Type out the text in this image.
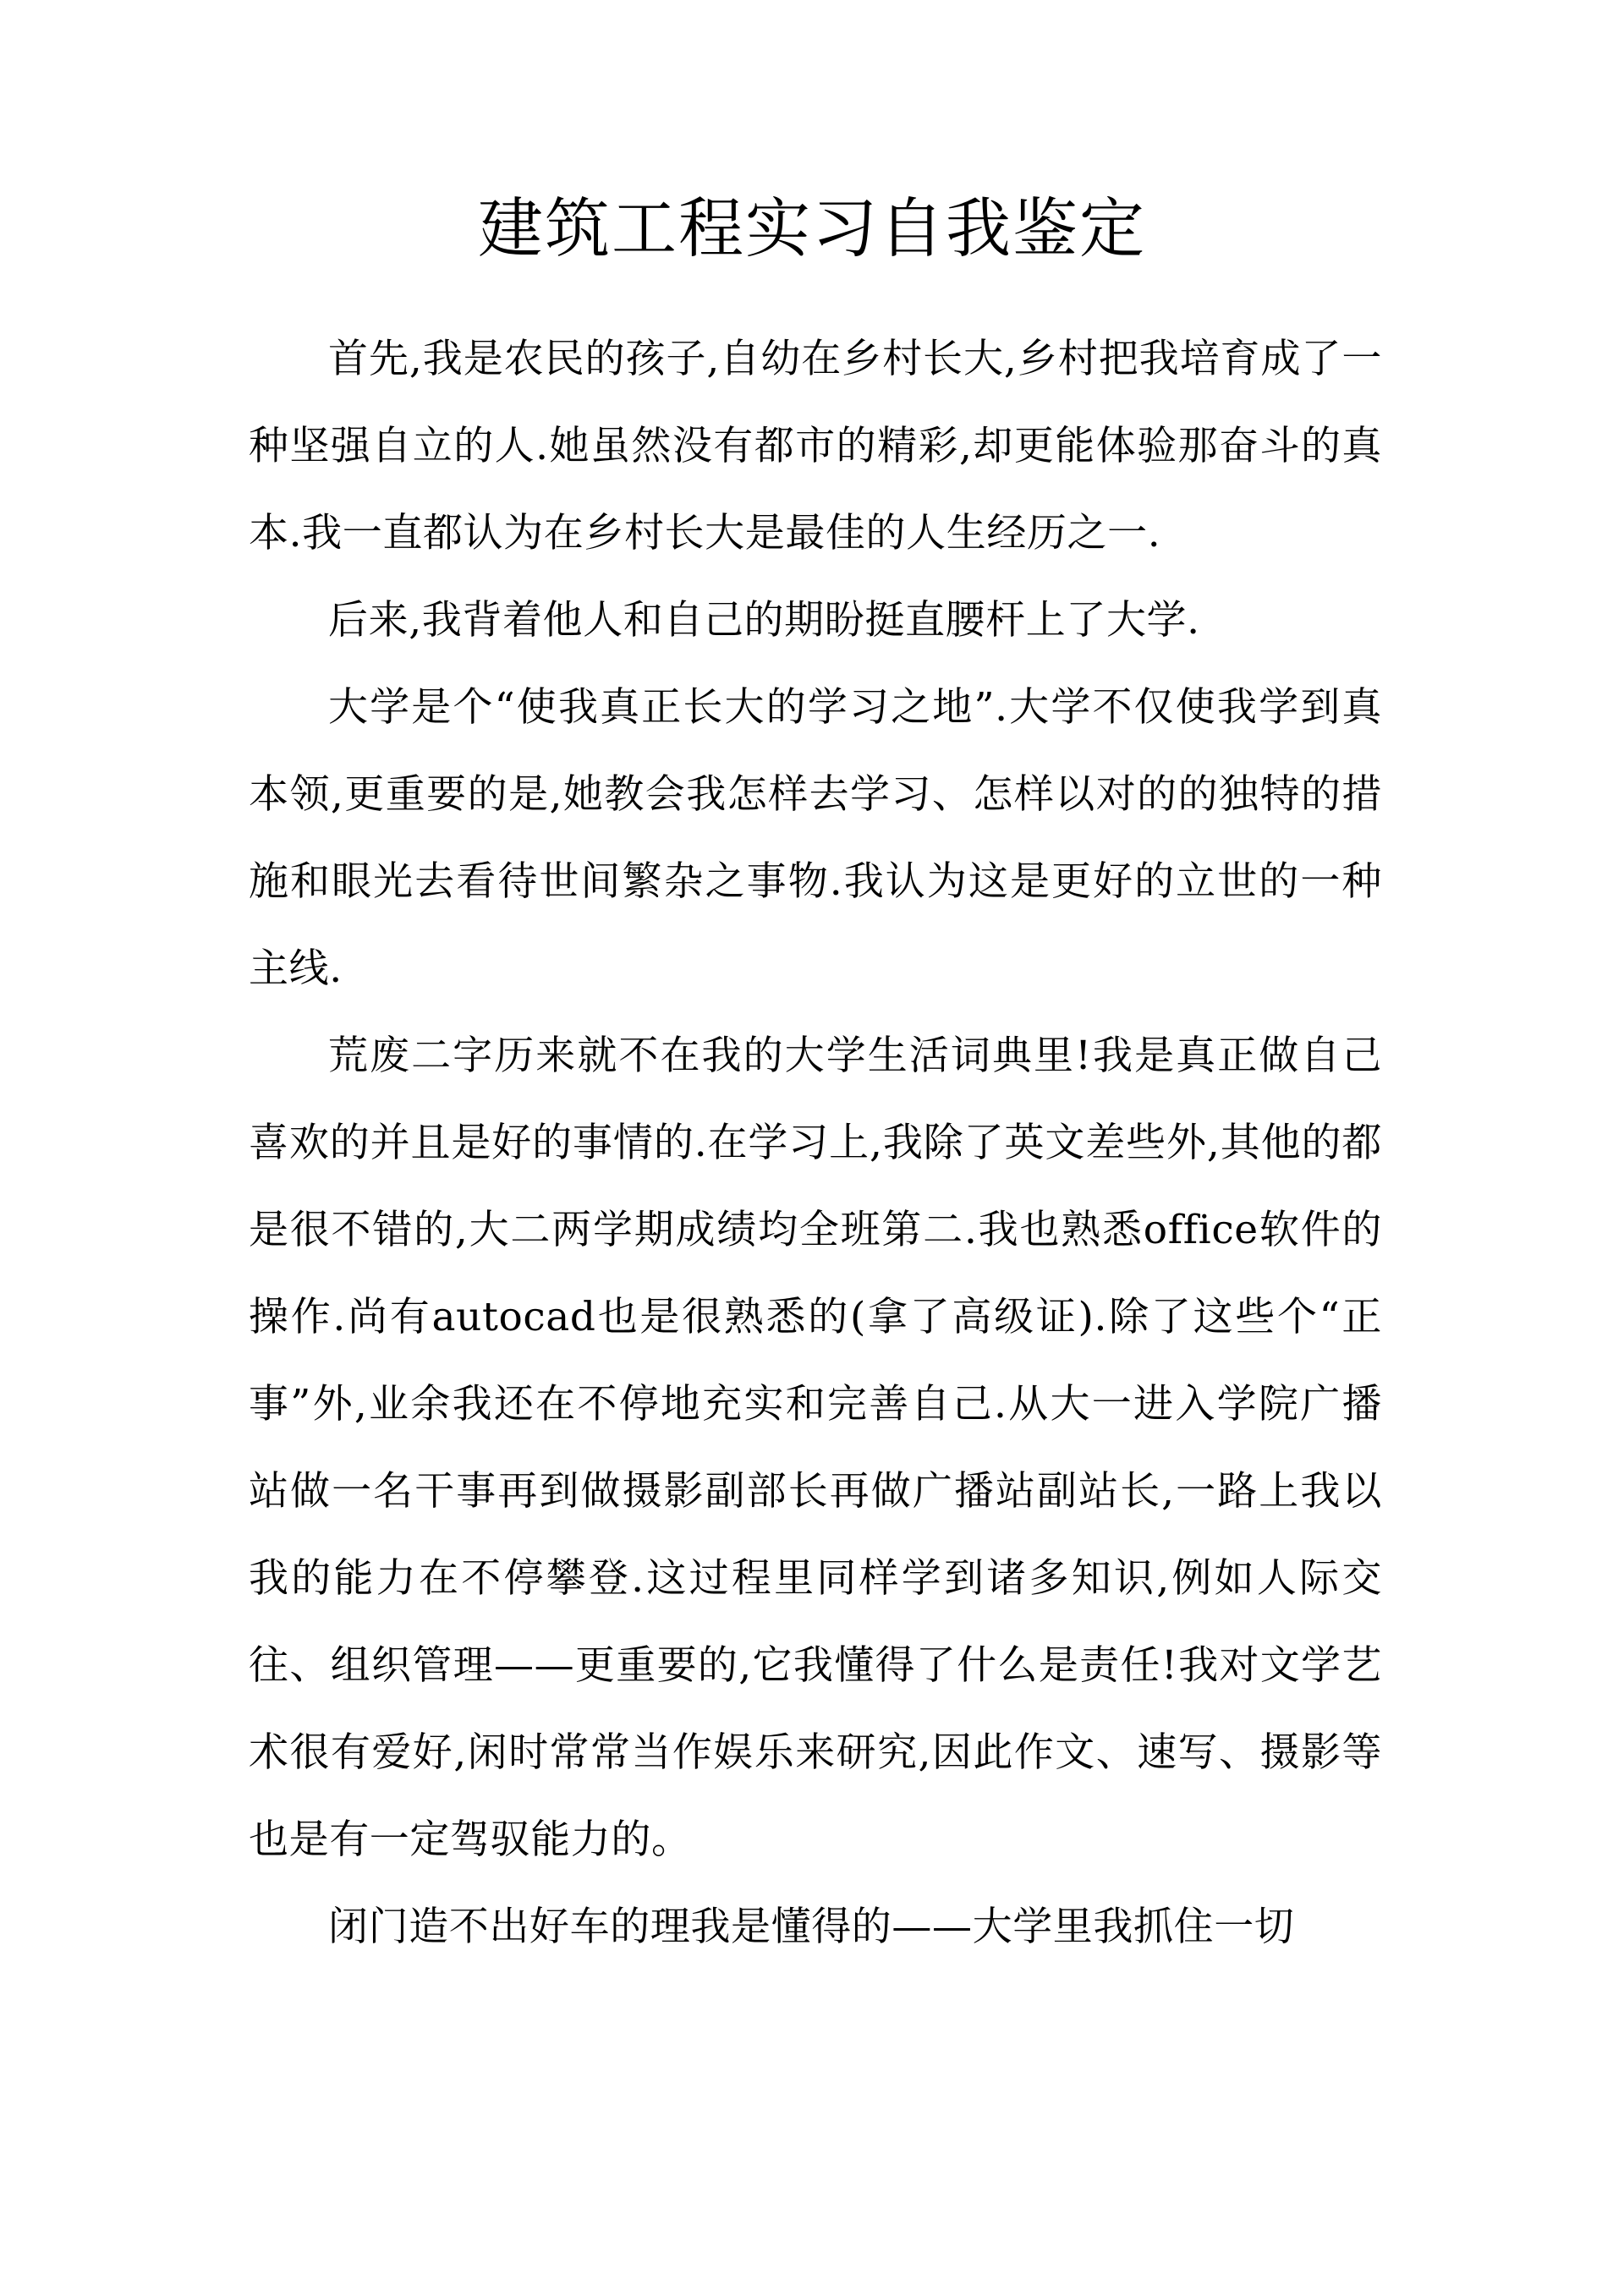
建筑工程实习自我鉴定

首先,我是农民的孩子,自幼在乡村长大,乡村把我培育成了一种坚强自立的人.她虽然没有都市的精彩,却更能体验那奋斗的真本.我一直都认为在乡村长大是最佳的人生经历之一.

后来,我背着他人和自己的期盼挺直腰杆上了大学.

大学是个“使我真正长大的学习之地”.大学不仅使我学到真本领,更重要的是,她教会我怎样去学习、怎样以对的的独特的措施和眼光去看待世间繁杂之事物.我认为这是更好的立世的一种主线.

荒废二字历来就不在我的大学生活词典里!我是真正做自己喜欢的并且是好的事情的.在学习上,我除了英文差些外,其他的都是很不错的,大二两学期成绩均全班第二.我也熟悉office软件的操作.尚有autocad也是很熟悉的(拿了高级证).除了这些个“正事”外,业余我还在不停地充实和完善自己.从大一进入学院广播站做一名干事再到做摄影副部长再做广播站副站长,一路上我以我的能力在不停攀登.这过程里同样学到诸多知识,例如人际交往、组织管理——更重要的,它我懂得了什么是责任!我对文学艺术很有爱好,闲时常常当作娱乐来研究,因此作文、速写、摄影等也是有一定驾驭能力的。

闭门造不出好车的理我是懂得的——大学里我抓住一切
